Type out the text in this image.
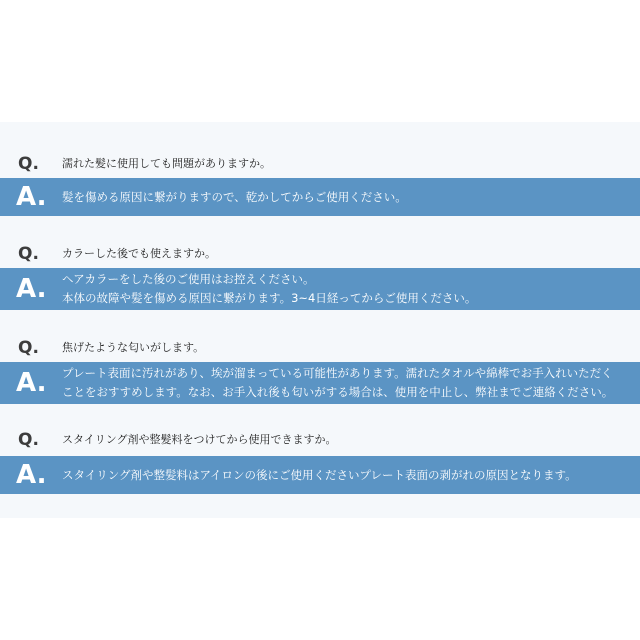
Q. 濡れた髪に使用しても問題がありますか。
A. 髪を傷める原因に繋がりますので、乾かしてからご使用ください。
Q. カラーした後でも使えますか。
A. ヘアカラーをした後のご使用はお控えください。
本体の故障や髪を傷める原因に繋がります。3~4日経ってからご使用ください。
Q. 焦げたような匂いがします。
A. プレート表面に汚れがあり、埃が溜まっている可能性があります。濡れたタオルや綿棒でお手入れいただく
ことをおすすめします。なお、お手入れ後も匂いがする場合は、使用を中止し、弊社までご連絡ください。
Q. スタイリング剤や整髪料をつけてから使用できますか。
A. スタイリング剤や整髪料はアイロンの後にご使用くださいプレート表面の剥がれの原因となります。
